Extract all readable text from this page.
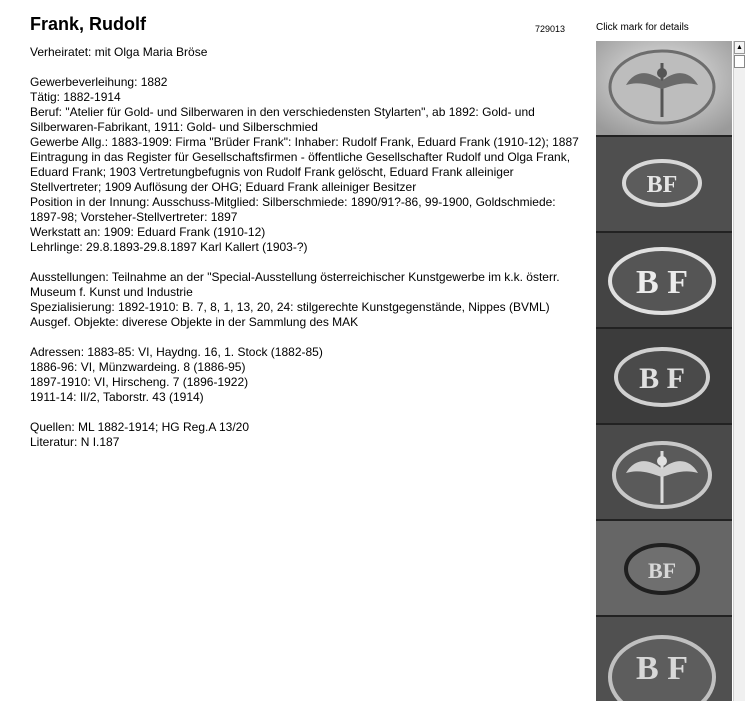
Frank, Rudolf	729013	Click mark for details

Verheiratet: mit Olga Maria Bröse

Gewerbeverleihung: 1882

Tätig: 1882-1914

Beruf: "Atelier für Gold- und Silberwaren in den verschiedensten Stylarten", ab 1892: Gold- und Silberwaren-Fabrikant, 1911: Gold- und Silberschmied

Gewerbe Allg.: 1883-1909: Firma "Brüder Frank": Inhaber: Rudolf Frank, Eduard Frank (1910-12); 1887 Eintragung in das Register für Gesellschaftsfirmen - öffentliche Gesellschafter Rudolf und Olga Frank, Eduard Frank; 1903 Vertretungbefugnis von Rudolf Frank gelöscht, Eduard Frank alleiniger Stellvertreter; 1909 Auflösung der OHG; Eduard Frank alleiniger Besitzer

Position in der Innung: Ausschuss-Mitglied: Silberschmiede: 1890/91?-86, 99-1900, Goldschmiede: 1897-98; Vorsteher-Stellvertreter: 1897

Werkstatt an: 1909: Eduard Frank (1910-12)

Lehrlinge: 29.8.1893-29.8.1897 Karl Kallert (1903-?)

Ausstellungen: Teilnahme an der "Special-Ausstellung österreichischer Kunstgewerbe im k.k. österr. Museum f. Kunst und Industrie

Spezialisierung: 1892-1910: B. 7, 8, 1, 13, 20, 24: stilgerechte Kunstgegenstände, Nippes (BVML)

Ausgef. Objekte: diverese Objekte in der Sammlung des MAK

Adressen: 1883-85: VI, Haydng. 16, 1. Stock (1882-85)

1886-96: VI, Münzwardeing. 8 (1886-95)

1897-1910: VI, Hirscheng. 7 (1896-1922)

1911-14: II/2, Taborstr. 43 (1914)

Quellen: ML 1882-1914; HG Reg.A 13/20

Literatur: N I.187

BF
B F
B F
BF
B F
▲
